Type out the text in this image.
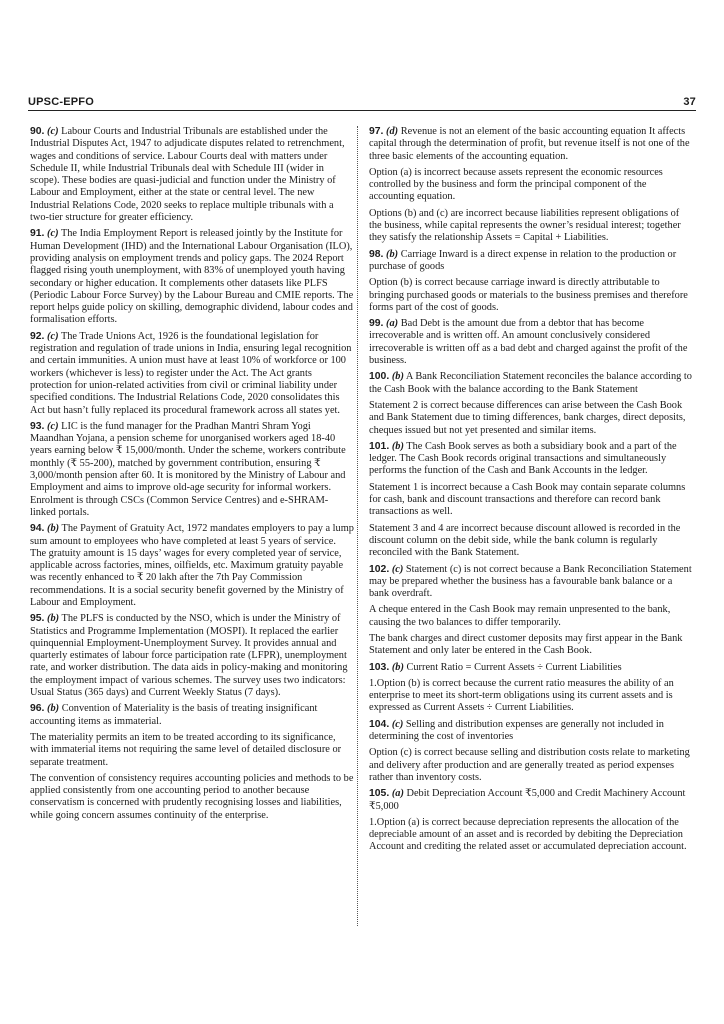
UPSC-EPFO	37

90. (c) Labour Courts and Industrial Tribunals are established under the Industrial Disputes Act, 1947 to adjudicate disputes related to retrenchment, wages and conditions of service. Labour Courts deal with matters under Schedule II, while Industrial Tribunals deal with Schedule III (wider in scope). These bodies are quasi-judicial and function under the Ministry of Labour and Employment, either at the state or central level. The new Industrial Relations Code, 2020 seeks to replace multiple tribunals with a two-tier structure for greater efficiency.

91. (c) The India Employment Report is released jointly by the Institute for Human Development (IHD) and the International Labour Organisation (ILO), providing analysis on employment trends and policy gaps. The 2024 Report flagged rising youth unemployment, with 83% of unemployed youth having secondary or higher education. It complements other datasets like PLFS (Periodic Labour Force Survey) by the Labour Bureau and CMIE reports. The report helps guide policy on skilling, demographic dividend, labour codes and formalisation efforts.

92. (c) The Trade Unions Act, 1926 is the foundational legislation for registration and regulation of trade unions in India, ensuring legal recognition and certain immunities. A union must have at least 10% of workforce or 100 workers (whichever is less) to register under the Act. The Act grants protection for union-related activities from civil or criminal liability under specified conditions. The Industrial Relations Code, 2020 consolidates this Act but hasn’t fully replaced its procedural framework across all states yet.

93. (c) LIC is the fund manager for the Pradhan Mantri Shram Yogi Maandhan Yojana, a pension scheme for unorganised workers aged 18-40 years earning below ₹ 15,000/month. Under the scheme, workers contribute monthly (₹ 55-200), matched by government contribution, ensuring ₹ 3,000/month pension after 60. It is monitored by the Ministry of Labour and Employment and aims to improve old-age security for informal workers. Enrolment is through CSCs (Common Service Centres) and e-SHRAM-linked portals.

94. (b) The Payment of Gratuity Act, 1972 mandates employers to pay a lump sum amount to employees who have completed at least 5 years of service. The gratuity amount is 15 days’ wages for every completed year of service, applicable across factories, mines, oilfields, etc. Maximum gratuity payable was recently enhanced to ₹ 20 lakh after the 7th Pay Commission recommendations. It is a social security benefit governed by the Ministry of Labour and Employment.

95. (b) The PLFS is conducted by the NSO, which is under the Ministry of Statistics and Programme Implementation (MOSPI). It replaced the earlier quinquennial Employment-Unemployment Survey. It provides annual and quarterly estimates of labour force participation rate (LFPR), unemployment rate, and worker distribution. The data aids in policy-making and monitoring the employment impact of various schemes. The survey uses two indicators: Usual Status (365 days) and Current Weekly Status (7 days).

96. (b) Convention of Materiality is the basis of treating insignificant accounting items as immaterial.

The materiality permits an item to be treated according to its significance, with immaterial items not requiring the same level of detailed disclosure or separate treatment.

The convention of consistency requires accounting policies and methods to be applied consistently from one accounting period to another because conservatism is concerned with prudently recognising losses and liabilities, while going concern assumes continuity of the enterprise.

97. (d) Revenue is not an element of the basic accounting equation It affects capital through the determination of profit, but revenue itself is not one of the three basic elements of the accounting equation.

Option (a) is incorrect because assets represent the economic resources controlled by the business and form the principal component of the accounting equation.

Options (b) and (c) are incorrect because liabilities represent obligations of the business, while capital represents the owner’s residual interest; together they satisfy the relationship Assets = Capital + Liabilities.

98. (b) Carriage Inward is a direct expense in relation to the production or purchase of goods

Option (b) is correct because carriage inward is directly attributable to bringing purchased goods or materials to the business premises and therefore forms part of the cost of goods.

99. (a) Bad Debt is the amount due from a debtor that has become irrecoverable and is written off. An amount conclusively considered irrecoverable is written off as a bad debt and charged against the profit of the business.

100. (b) A Bank Reconciliation Statement reconciles the balance according to the Cash Book with the balance according to the Bank Statement

Statement 2 is correct because differences can arise between the Cash Book and Bank Statement due to timing differences, bank charges, direct deposits, cheques issued but not yet presented and similar items.

101. (b) The Cash Book serves as both a subsidiary book and a part of the ledger. The Cash Book records original transactions and simultaneously performs the function of the Cash and Bank Accounts in the ledger.

Statement 1 is incorrect because a Cash Book may contain separate columns for cash, bank and discount transactions and therefore can record bank transactions as well.

Statement 3 and 4 are incorrect because discount allowed is recorded in the discount column on the debit side, while the bank column is regularly reconciled with the Bank Statement.

102. (c) Statement (c) is not correct because a Bank Reconciliation Statement may be prepared whether the business has a favourable bank balance or a bank overdraft.

A cheque entered in the Cash Book may remain unpresented to the bank, causing the two balances to differ temporarily.

The bank charges and direct customer deposits may first appear in the Bank Statement and only later be entered in the Cash Book.

103. (b) Current Ratio = Current Assets ÷ Current Liabilities

1.Option (b) is correct because the current ratio measures the ability of an enterprise to meet its short-term obligations using its current assets and is expressed as Current Assets ÷ Current Liabilities.

104. (c) Selling and distribution expenses are generally not included in determining the cost of inventories

Option (c) is correct because selling and distribution costs relate to marketing and delivery after production and are generally treated as period expenses rather than inventory costs.

105. (a) Debit Depreciation Account ₹5,000 and Credit Machinery Account ₹5,000

1.Option (a) is correct because depreciation represents the allocation of the depreciable amount of an asset and is recorded by debiting the Depreciation Account and crediting the related asset or accumulated depreciation account.
